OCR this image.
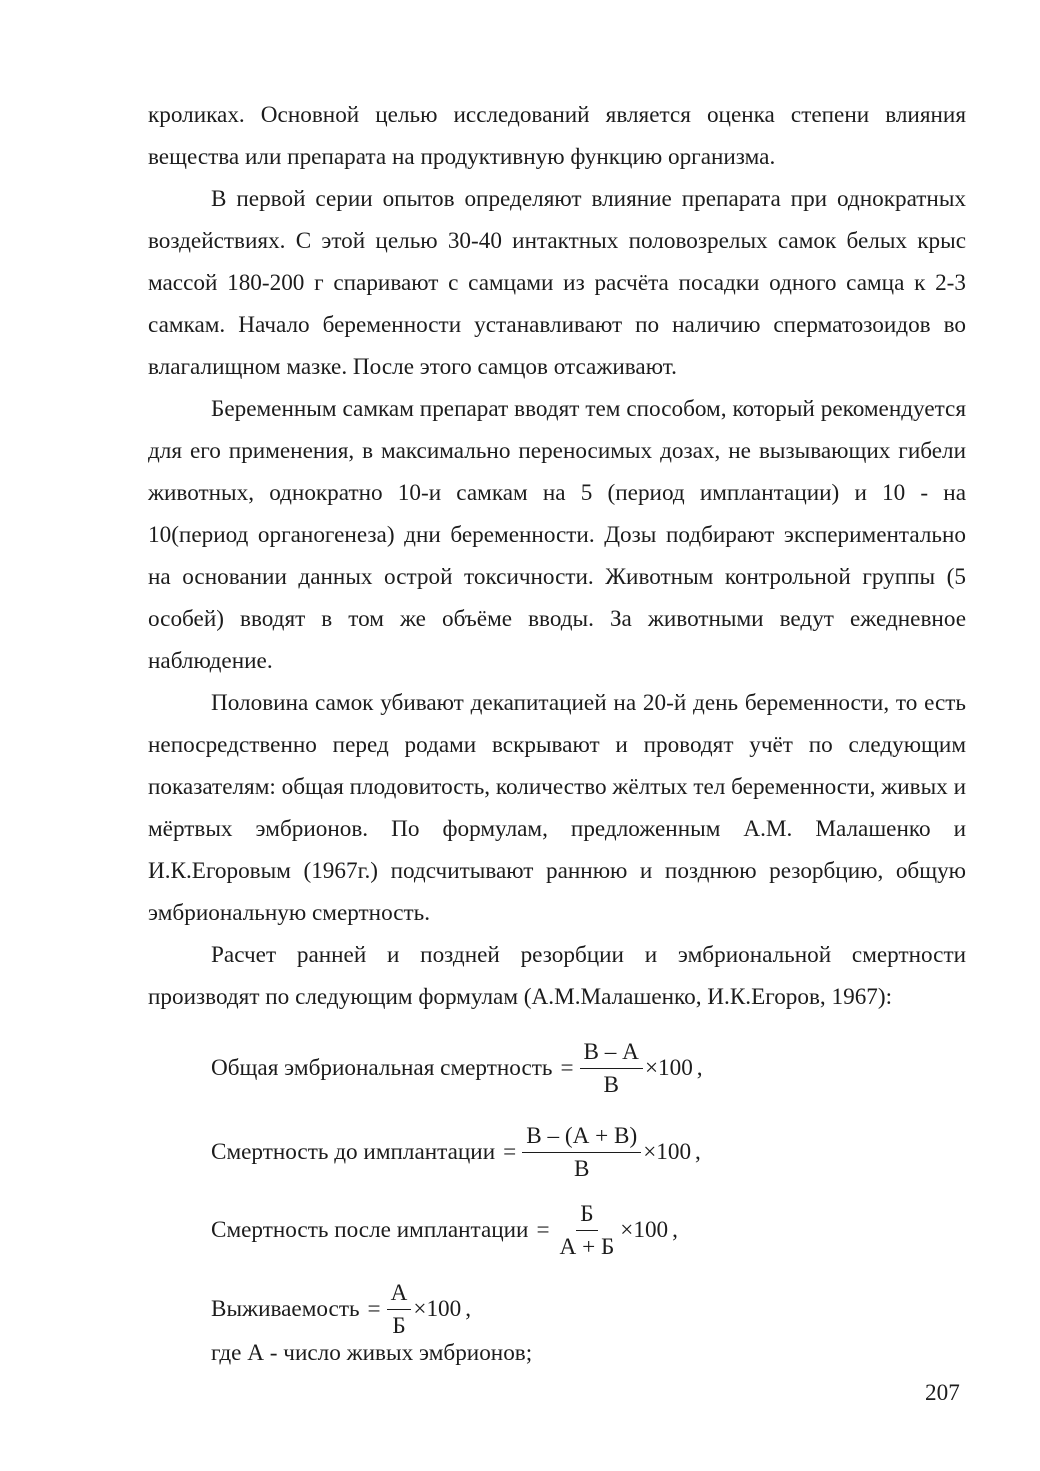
кроликах. Основной целью исследований является оценка степени влияния вещества или препарата на продуктивную функцию организма.

В первой серии опытов определяют влияние препарата при однократных воздействиях. С этой целью 30-40 интактных половозрелых самок белых крыс массой 180-200 г спаривают с самцами из расчёта посадки одного самца к 2-3 самкам. Начало беременности устанавливают по наличию сперматозоидов во влагалищном мазке. После этого самцов отсаживают.

Беременным самкам препарат вводят тем способом, который рекомендуется для его применения, в максимально переносимых дозах, не вызывающих гибели животных, однократно 10-и самкам на 5 (период имплантации) и 10 - на 10(период органогенеза) дни беременности. Дозы подбирают экспериментально на основании данных острой токсичности. Животным контрольной группы (5 особей) вводят в том же объёме вводы. За животными ведут ежедневное наблюдение.

Половина самок убивают декапитацией на 20-й день беременности, то есть непосредственно перед родами вскрывают и проводят учёт по следующим показателям: общая плодовитость, количество жёлтых тел беременности, живых и мёртвых эмбрионов. По формулам, предложенным А.М. Малашенко и И.К.Егоровым (1967г.) подсчитывают раннюю и позднюю резорбцию, общую эмбриональную смертность.

Расчет ранней и поздней резорбции и эмбриональной смертности производят по следующим формулам (А.М.Малашенко, И.К.Егоров, 1967):

Общая эмбриональная смертность = $\frac{В - А}{В} \times 100$ ,
Смертность до имплантации = $\frac{В - (А + В)}{В} \times 100$ ,
Смертность после имплантации = $\frac{Б}{А + Б} \times 100$ ,
Выживаемость = $\frac{А}{Б} \times 100$ ,
где А - число живых эмбрионов;
207
